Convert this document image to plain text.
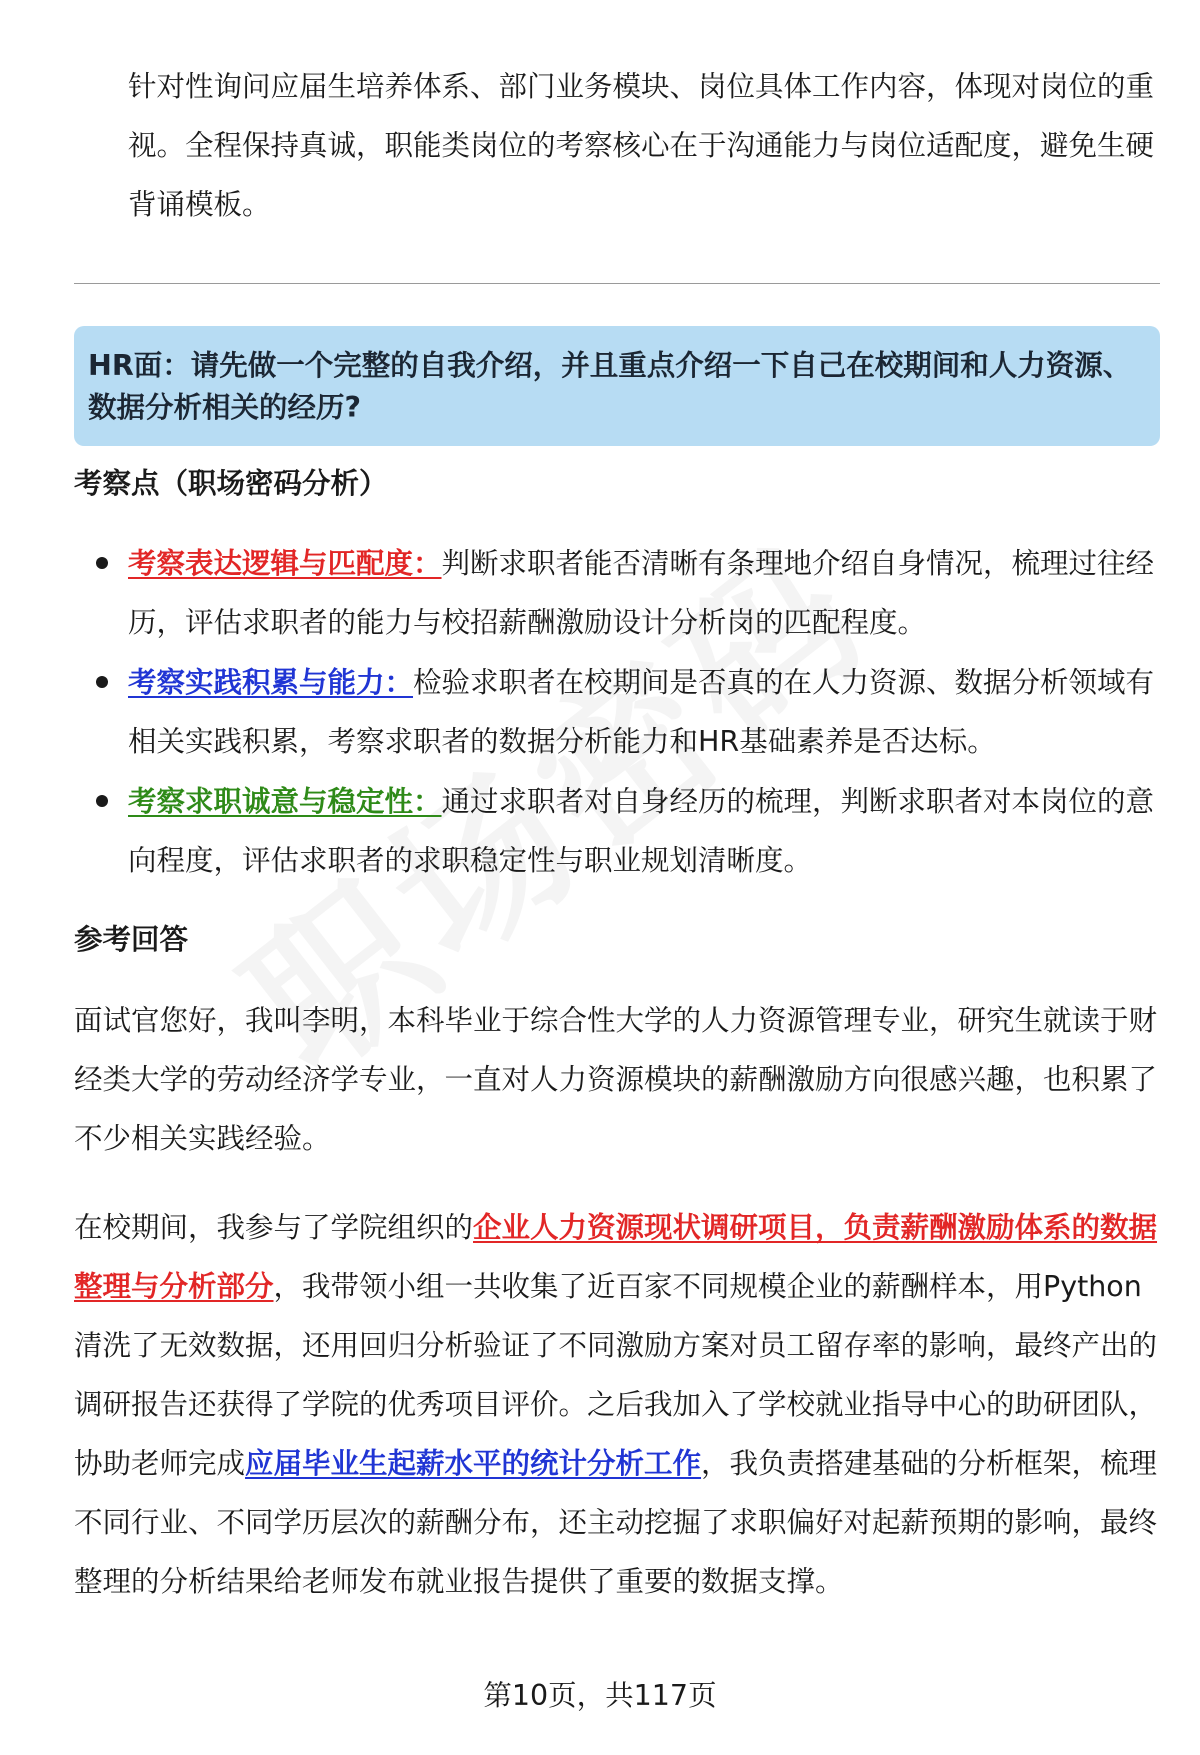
针对性询问应届生培养体系、部门业务模块、岗位具体工作内容，体现对岗位的重视。全程保持真诚，职能类岗位的考察核心在于沟通能力与岗位适配度，避免生硬背诵模板。

HR面：请先做一个完整的自我介绍，并且重点介绍一下自己在校期间和人力资源、数据分析相关的经历?

考察点（职场密码分析）

考察表达逻辑与匹配度：判断求职者能否清晰有条理地介绍自身情况，梳理过往经历，评估求职者的能力与校招薪酬激励设计分析岗的匹配程度。

考察实践积累与能力：检验求职者在校期间是否真的在人力资源、数据分析领域有相关实践积累，考察求职者的数据分析能力和HR基础素养是否达标。

考察求职诚意与稳定性：通过求职者对自身经历的梳理，判断求职者对本岗位的意向程度，评估求职者的求职稳定性与职业规划清晰度。

参考回答

面试官您好，我叫李明，本科毕业于综合性大学的人力资源管理专业，研究生就读于财经类大学的劳动经济学专业，一直对人力资源模块的薪酬激励方向很感兴趣，也积累了不少相关实践经验。

在校期间，我参与了学院组织的企业人力资源现状调研项目，负责薪酬激励体系的数据整理与分析部分，我带领小组一共收集了近百家不同规模企业的薪酬样本，用Python清洗了无效数据，还用回归分析验证了不同激励方案对员工留存率的影响，最终产出的调研报告还获得了学院的优秀项目评价。之后我加入了学校就业指导中心的助研团队，协助老师完成应届毕业生起薪水平的统计分析工作，我负责搭建基础的分析框架，梳理不同行业、不同学历层次的薪酬分布，还主动挖掘了求职偏好对起薪预期的影响，最终整理的分析结果给老师发布就业报告提供了重要的数据支撑。

第10页，共117页
